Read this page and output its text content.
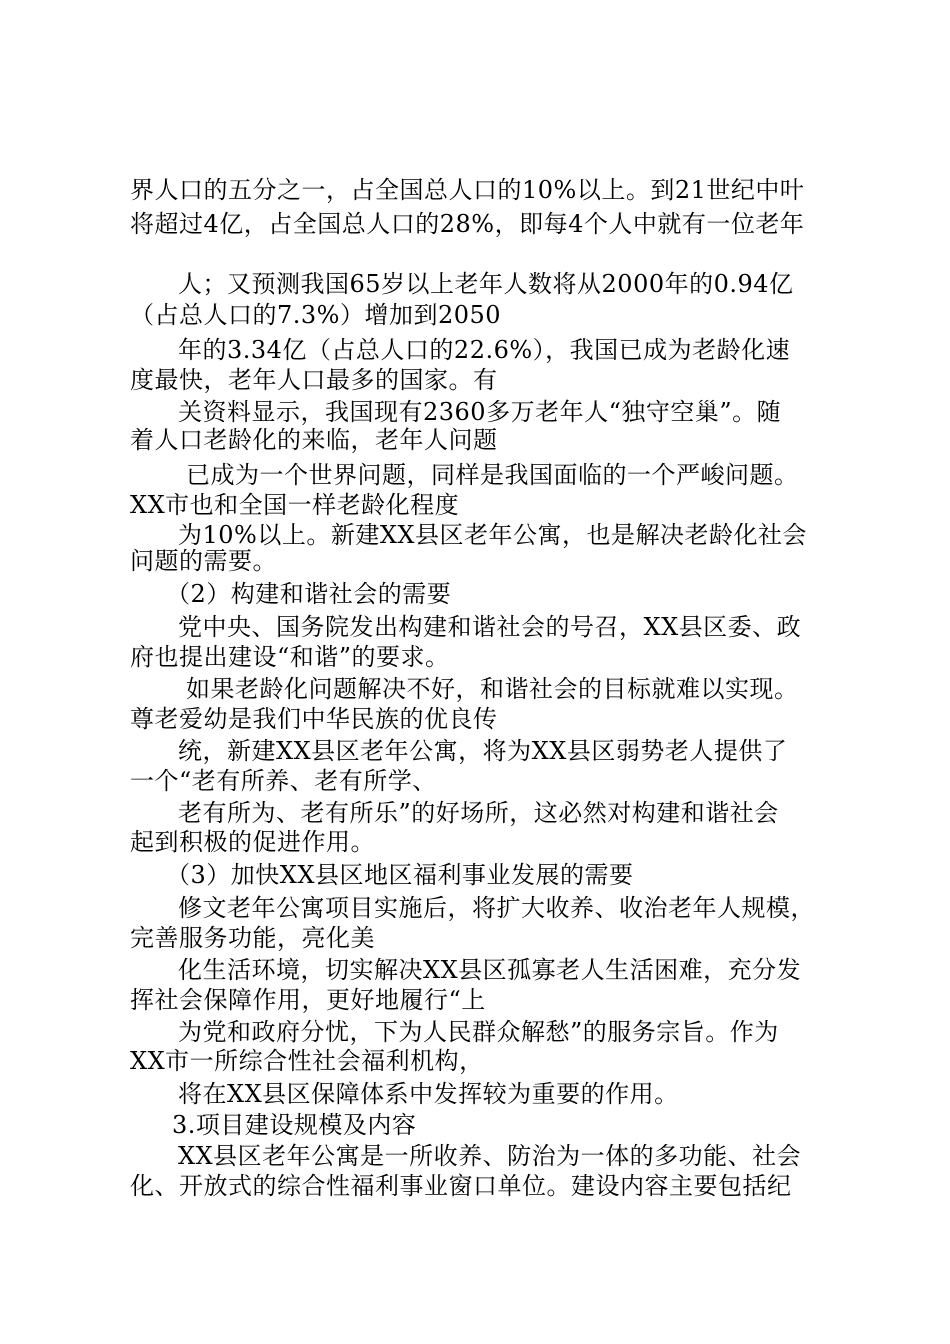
界人口的五分之一，占全国总人口的10%以上。到21世纪中叶
将超过4亿，占全国总人口的28%，即每4个人中就有一位老年
人；又预测我国65岁以上老年人数将从2000年的0.94亿
（占总人口的7.3%）增加到2050
年的3.34亿（占总人口的22.6%），我国已成为老龄化速
度最快，老年人口最多的国家。有
关资料显示，我国现有2360多万老年人“独守空巢”。随
着人口老龄化的来临，老年人问题
已成为一个世界问题，同样是我国面临的一个严峻问题。
XX市也和全国一样老龄化程度
为10%以上。新建XX县区老年公寓，也是解决老龄化社会
问题的需要。
（2）构建和谐社会的需要
党中央、国务院发出构建和谐社会的号召，XX县区委、政
府也提出建设“和谐”的要求。
如果老龄化问题解决不好，和谐社会的目标就难以实现。
尊老爱幼是我们中华民族的优良传
统，新建XX县区老年公寓，将为XX县区弱势老人提供了
一个“老有所养、老有所学、
老有所为、老有所乐”的好场所，这必然对构建和谐社会
起到积极的促进作用。
（3）加快XX县区地区福利事业发展的需要
修文老年公寓项目实施后，将扩大收养、收治老年人规模，
完善服务功能，亮化美
化生活环境，切实解决XX县区孤寡老人生活困难，充分发
挥社会保障作用，更好地履行“上
为党和政府分忧，下为人民群众解愁”的服务宗旨。作为
XX市一所综合性社会福利机构，
将在XX县区保障体系中发挥较为重要的作用。
3.项目建设规模及内容
XX县区老年公寓是一所收养、防治为一体的多功能、社会
化、开放式的综合性福利事业窗口单位。建设内容主要包括纪
